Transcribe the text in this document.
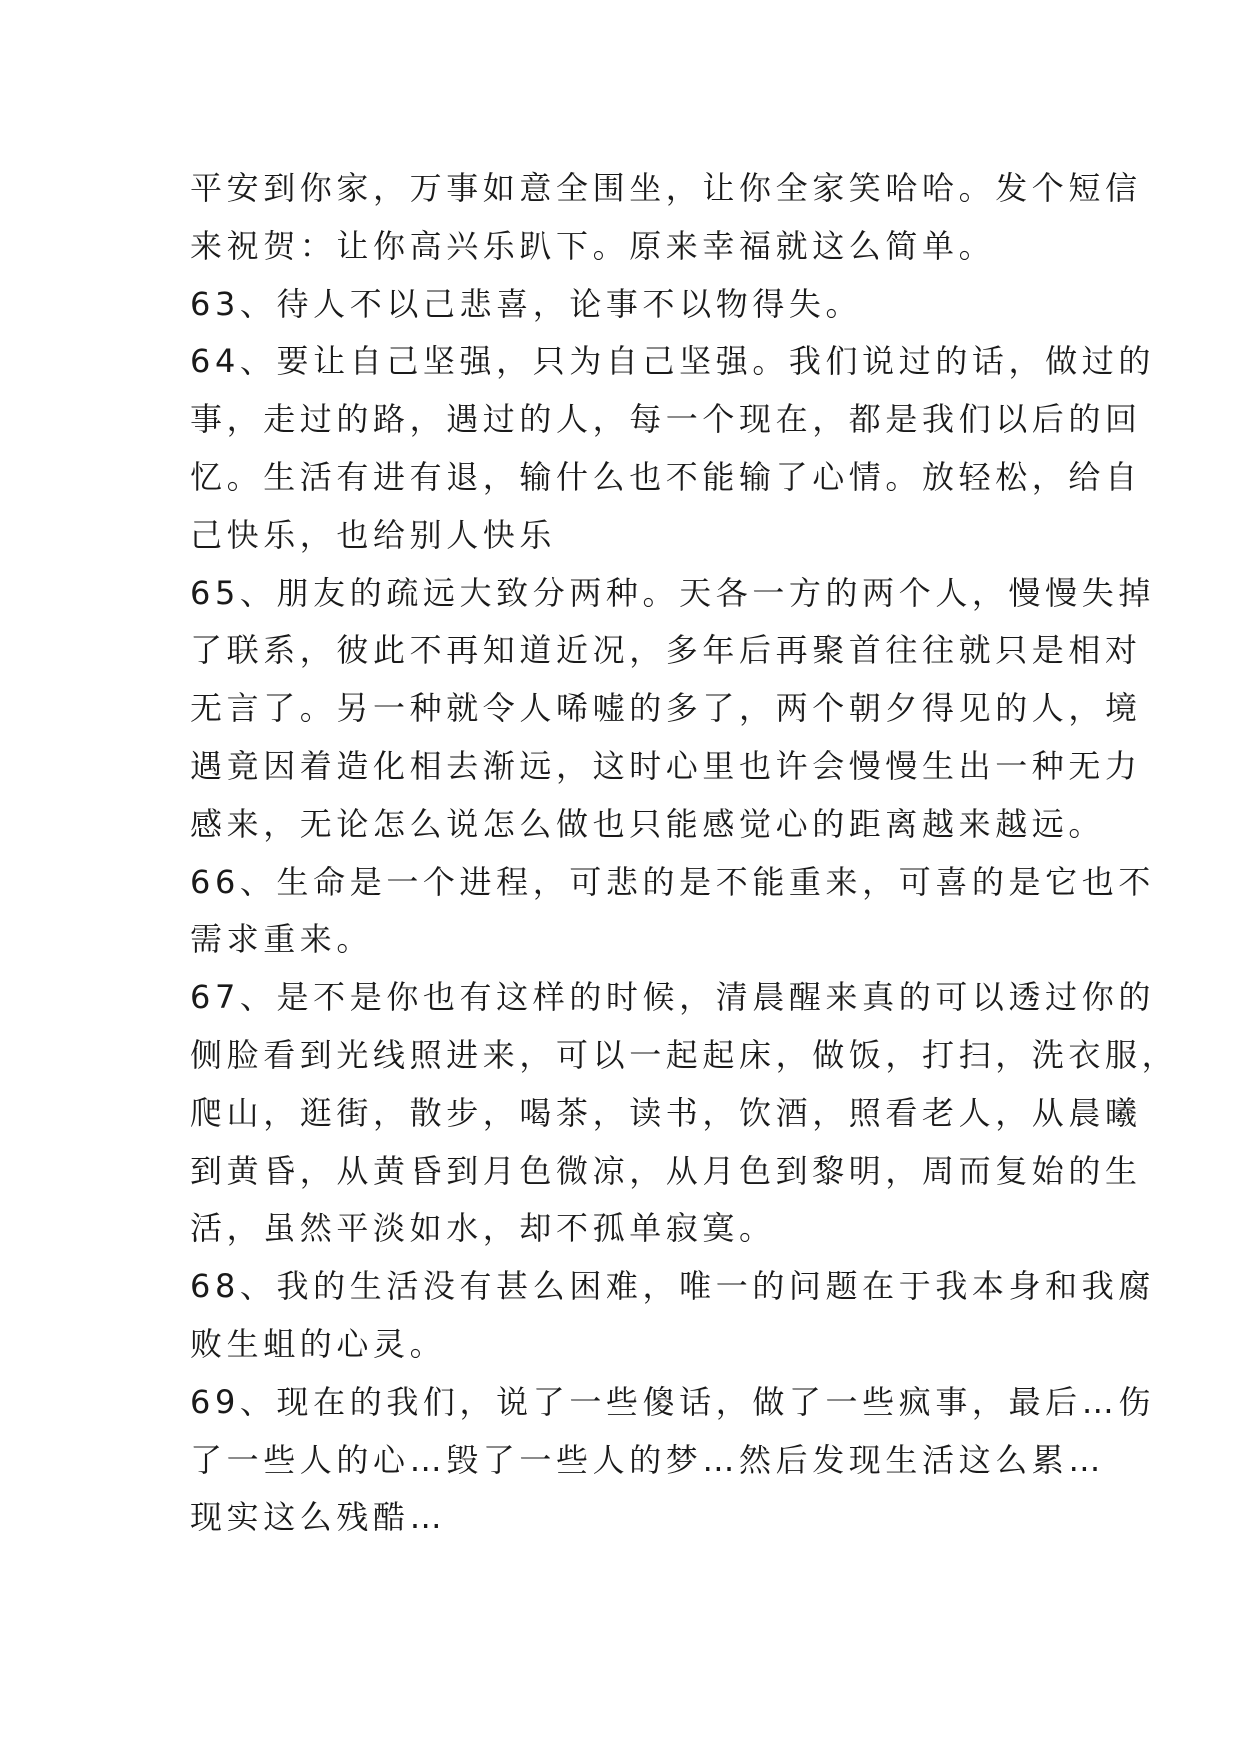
平安到你家，万事如意全围坐，让你全家笑哈哈。发个短信
来祝贺：让你高兴乐趴下。原来幸福就这么简单。
63、待人不以己悲喜，论事不以物得失。
64、要让自己坚强，只为自己坚强。我们说过的话，做过的
事，走过的路，遇过的人，每一个现在，都是我们以后的回
忆。生活有进有退，输什么也不能输了心情。放轻松，给自
己快乐，也给别人快乐
65、朋友的疏远大致分两种。天各一方的两个人，慢慢失掉
了联系，彼此不再知道近况，多年后再聚首往往就只是相对
无言了。另一种就令人唏嘘的多了，两个朝夕得见的人，境
遇竟因着造化相去渐远，这时心里也许会慢慢生出一种无力
感来，无论怎么说怎么做也只能感觉心的距离越来越远。
66、生命是一个进程，可悲的是不能重来，可喜的是它也不
需求重来。
67、是不是你也有这样的时候，清晨醒来真的可以透过你的
侧脸看到光线照进来，可以一起起床，做饭，打扫，洗衣服，
爬山，逛街，散步，喝茶，读书，饮酒，照看老人，从晨曦
到黄昏，从黄昏到月色微凉，从月色到黎明，周而复始的生
活，虽然平淡如水，却不孤单寂寞。
68、我的生活没有甚么困难，唯一的问题在于我本身和我腐
败生蛆的心灵。
69、现在的我们，说了一些傻话，做了一些疯事，最后…伤
了一些人的心…毁了一些人的梦…然后发现生活这么累…
现实这么残酷…
